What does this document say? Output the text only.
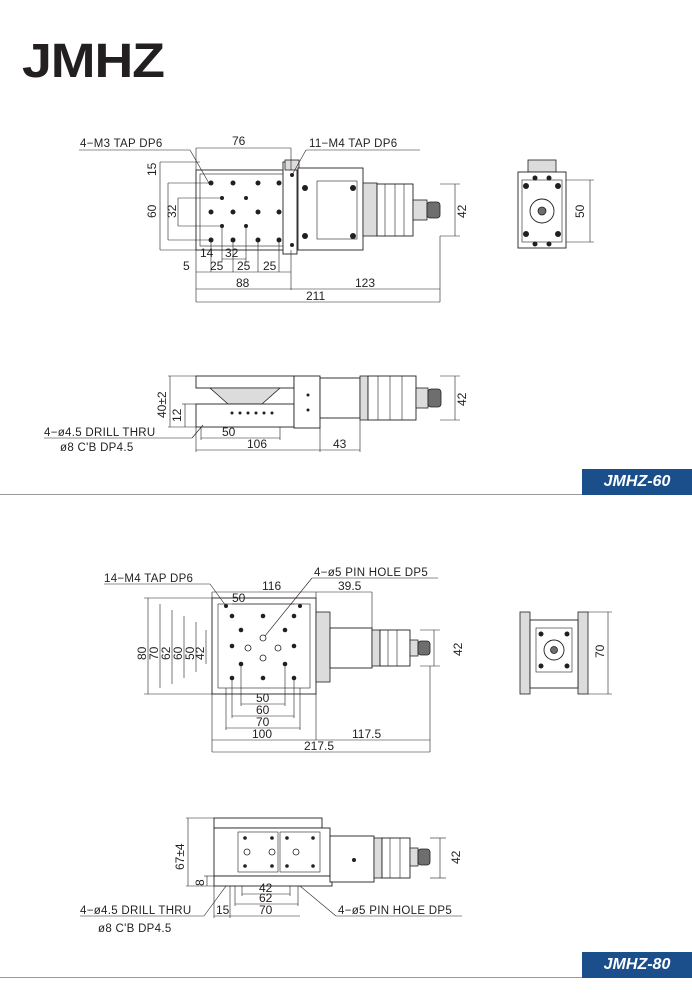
JMHZ
4−M3 TAP DP6	11−M4 TAP DP6
76
15
60 32	42
14 32
5 25 25 25
88	123
211
50
40±2 12
42
50
106	43
4−ø4.5 DRILL THRU
ø8 C'B DP4.5
14−M4 TAP DP6	4−ø5 PIN HOLE DP5
116	39.5
50
80
70
62
60
50
42	42
50
60
70
100	117.5
217.5
70
67±4
8
42
42
62
15 70
4−ø4.5 DRILL THRU
ø8 C'B DP4.5
4−ø5 PIN HOLE DP5
JMHZ-60
JMHZ-80
